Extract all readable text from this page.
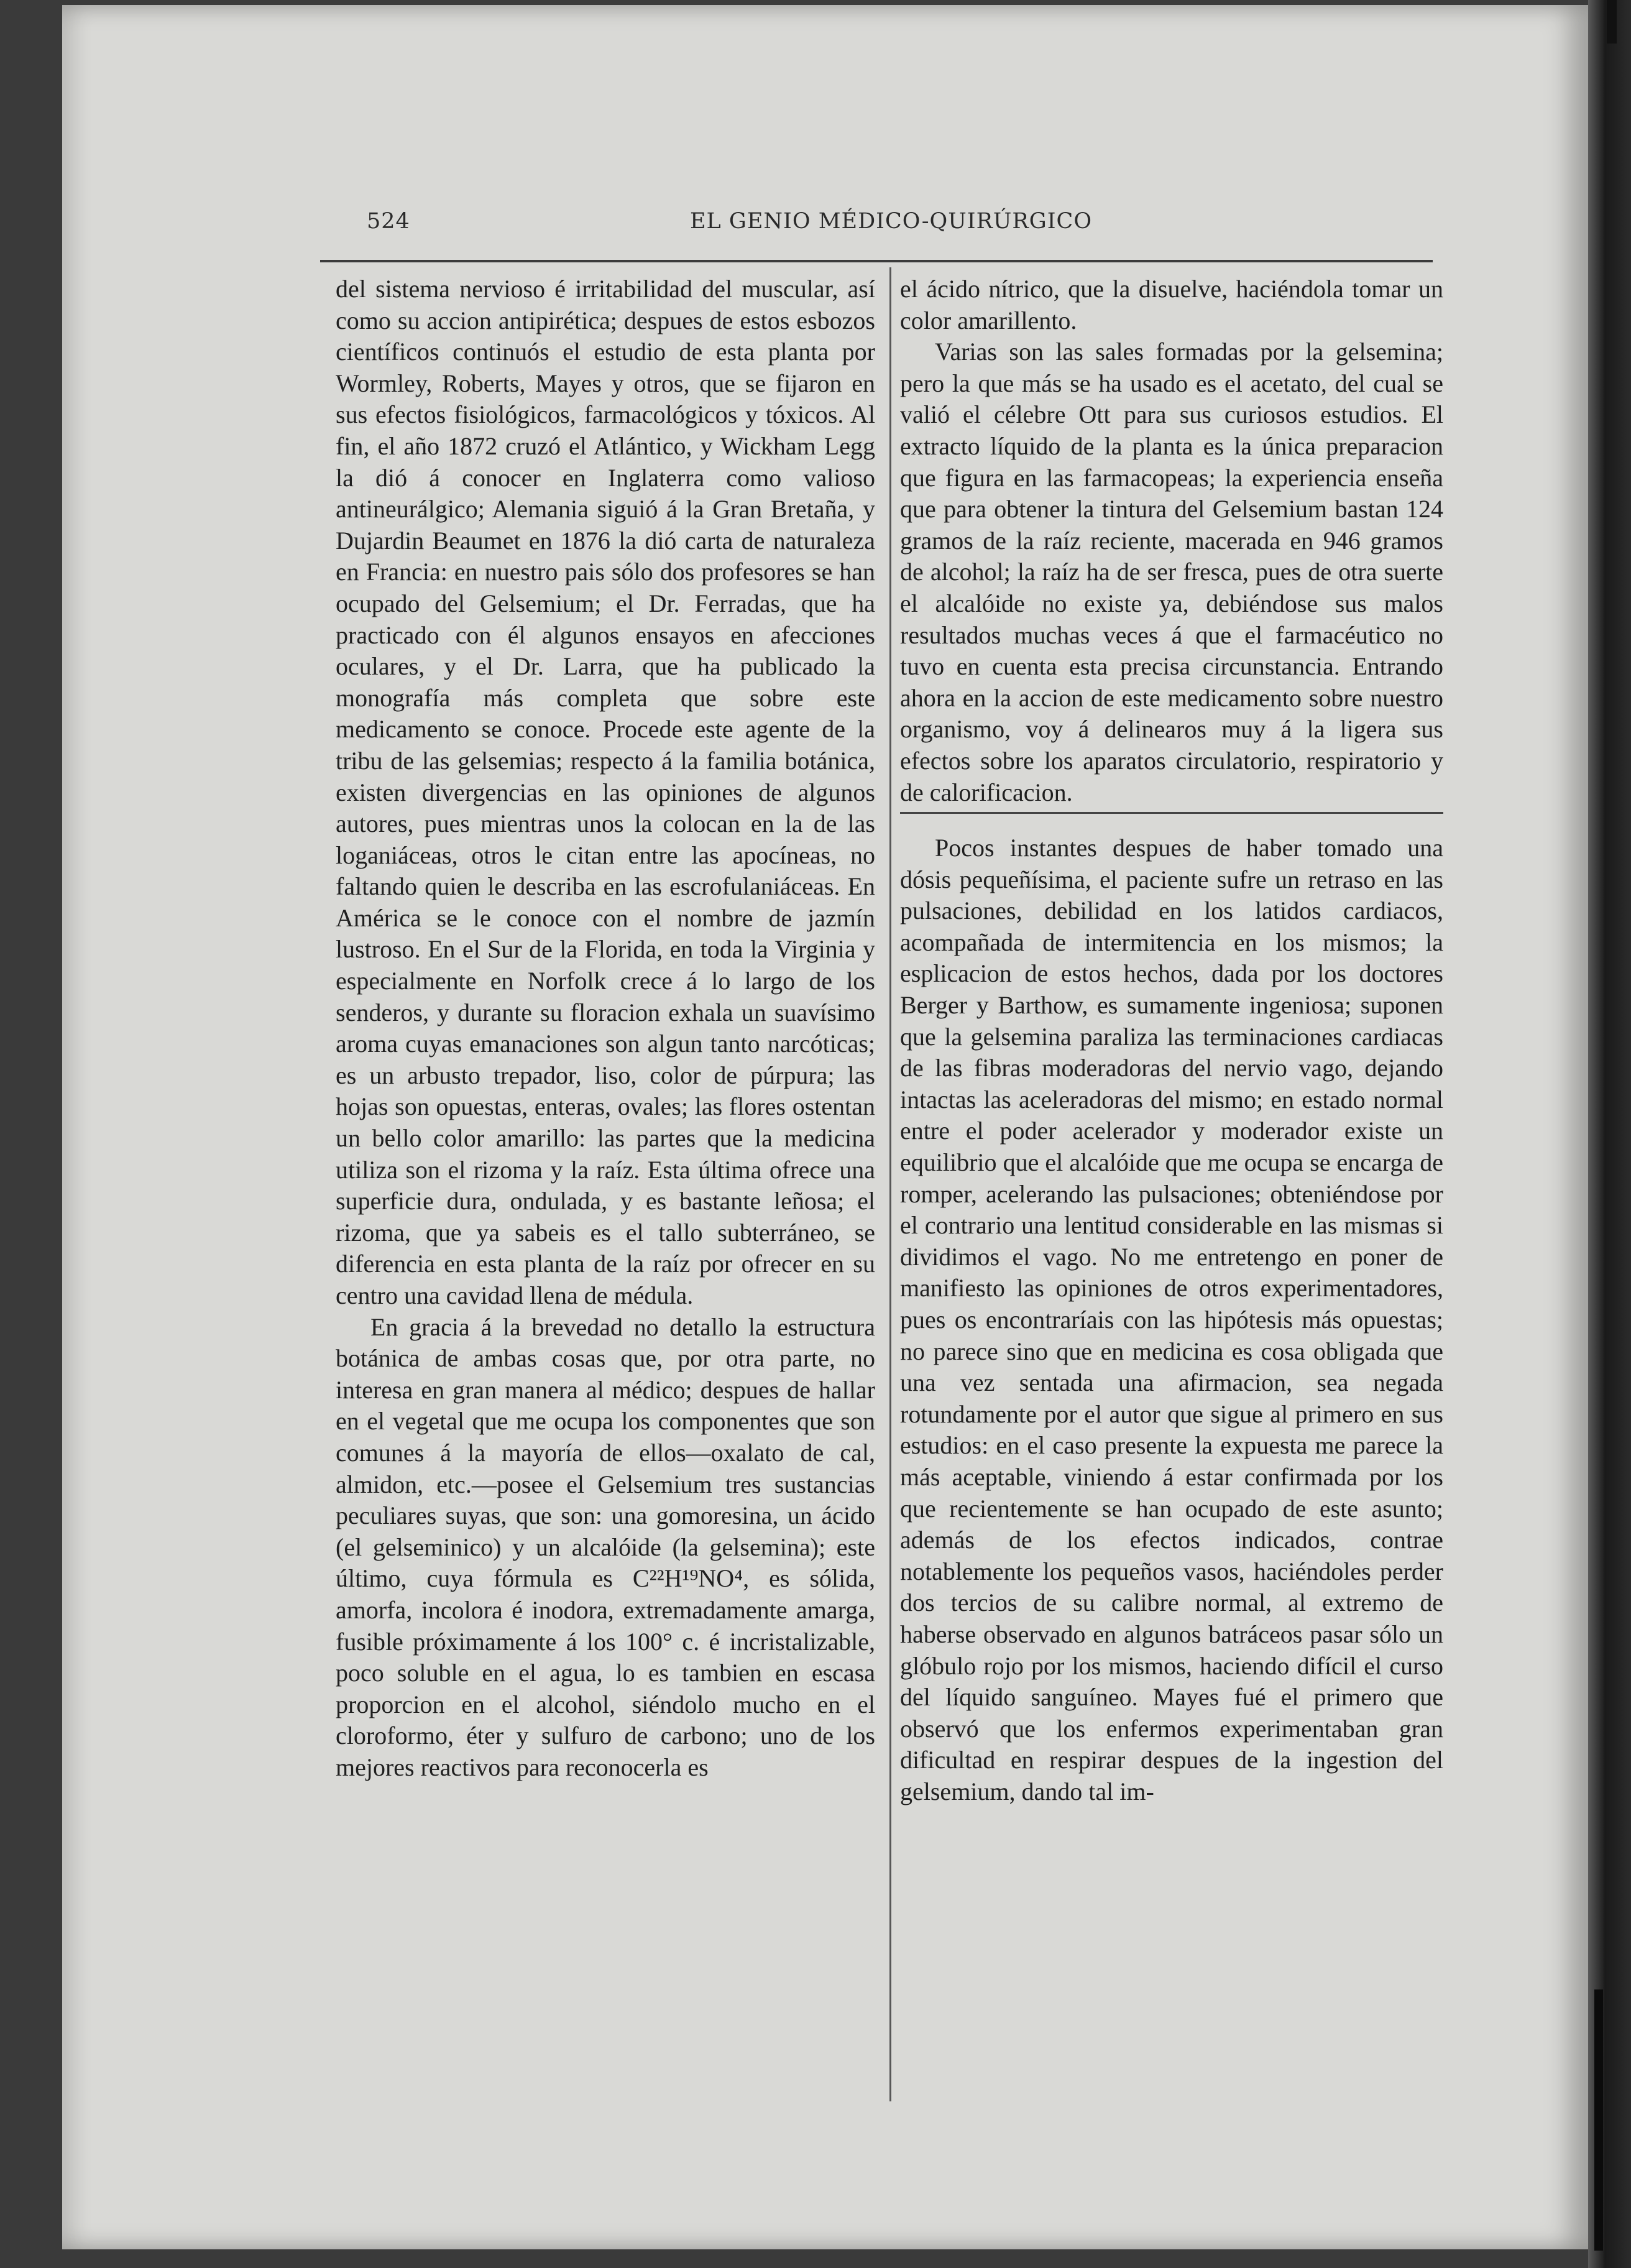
524	EL GENIO MÉDICO-QUIRÚRGICO

del sistema nervioso é irritabilidad del muscular, así como su accion antipirética; despues de estos esbozos científicos continuós el estudio de esta planta por Wormley, Roberts, Mayes y otros, que se fijaron en sus efectos fisiológicos, farmacológicos y tóxicos. Al fin, el año 1872 cruzó el Atlántico, y Wickham Legg la dió á conocer en Inglaterra como valioso antineurálgico; Alemania siguió á la Gran Bretaña, y Dujardin Beaumet en 1876 la dió carta de naturaleza en Francia: en nuestro pais sólo dos profesores se han ocupado del Gelsemium; el Dr. Ferradas, que ha practicado con él algunos ensayos en afecciones oculares, y el Dr. Larra, que ha publicado la monografía más completa que sobre este medicamento se conoce. Procede este agente de la tribu de las gelsemias; respecto á la familia botánica, existen divergencias en las opiniones de algunos autores, pues mientras unos la colocan en la de las loganiáceas, otros le citan entre las apocíneas, no faltando quien le describa en las escrofulaniáceas. En América se le conoce con el nombre de jazmín lustroso. En el Sur de la Florida, en toda la Virginia y especialmente en Norfolk crece á lo largo de los senderos, y durante su floracion exhala un suavísimo aroma cuyas emanaciones son algun tanto narcóticas; es un arbusto trepador, liso, color de púrpura; las hojas son opuestas, enteras, ovales; las flores ostentan un bello color amarillo: las partes que la medicina utiliza son el rizoma y la raíz. Esta última ofrece una superficie dura, ondulada, y es bastante leñosa; el rizoma, que ya sabeis es el tallo subterráneo, se diferencia en esta planta de la raíz por ofrecer en su centro una cavidad llena de médula.

En gracia á la brevedad no detallo la estructura botánica de ambas cosas que, por otra parte, no interesa en gran manera al médico; despues de hallar en el vegetal que me ocupa los componentes que son comunes á la mayoría de ellos—oxalato de cal, almidon, etc.—posee el Gelsemium tres sustancias peculiares suyas, que son: una gomoresina, un ácido (el gelseminico) y un alcalóide (la gelsemina); este último, cuya fórmula es C²²H¹⁹NO⁴, es sólida, amorfa, incolora é inodora, extremadamente amarga, fusible próximamente á los 100° c. é incristalizable, poco soluble en el agua, lo es tambien en escasa proporcion en el alcohol, siéndolo mucho en el cloroformo, éter y sulfuro de carbono; uno de los mejores reactivos para reconocerla es

el ácido nítrico, que la disuelve, haciéndola tomar un color amarillento.

Varias son las sales formadas por la gelsemina; pero la que más se ha usado es el acetato, del cual se valió el célebre Ott para sus curiosos estudios. El extracto líquido de la planta es la única preparacion que figura en las farmacopeas; la experiencia enseña que para obtener la tintura del Gelsemium bastan 124 gramos de la raíz reciente, macerada en 946 gramos de alcohol; la raíz ha de ser fresca, pues de otra suerte el alcalóide no existe ya, debiéndose sus malos resultados muchas veces á que el farmacéutico no tuvo en cuenta esta precisa circunstancia. Entrando ahora en la accion de este medicamento sobre nuestro organismo, voy á delinearos muy á la ligera sus efectos sobre los aparatos circulatorio, respiratorio y de calorificacion.

Pocos instantes despues de haber tomado una dósis pequeñísima, el paciente sufre un retraso en las pulsaciones, debilidad en los latidos cardiacos, acompañada de intermitencia en los mismos; la esplicacion de estos hechos, dada por los doctores Berger y Barthow, es sumamente ingeniosa; suponen que la gelsemina paraliza las terminaciones cardiacas de las fibras moderadoras del nervio vago, dejando intactas las aceleradoras del mismo; en estado normal entre el poder acelerador y moderador existe un equilibrio que el alcalóide que me ocupa se encarga de romper, acelerando las pulsaciones; obteniéndose por el contrario una lentitud considerable en las mismas si dividimos el vago. No me entretengo en poner de manifiesto las opiniones de otros experimentadores, pues os encontraríais con las hipótesis más opuestas; no parece sino que en medicina es cosa obligada que una vez sentada una afirmacion, sea negada rotundamente por el autor que sigue al primero en sus estudios: en el caso presente la expuesta me parece la más aceptable, viniendo á estar confirmada por los que recientemente se han ocupado de este asunto; además de los efectos indicados, contrae notablemente los pequeños vasos, haciéndoles perder dos tercios de su calibre normal, al extremo de haberse observado en algunos batráceos pasar sólo un glóbulo rojo por los mismos, haciendo difícil el curso del líquido sanguíneo. Mayes fué el primero que observó que los enfermos experimentaban gran dificultad en respirar despues de la ingestion del gelsemium, dando tal im-
